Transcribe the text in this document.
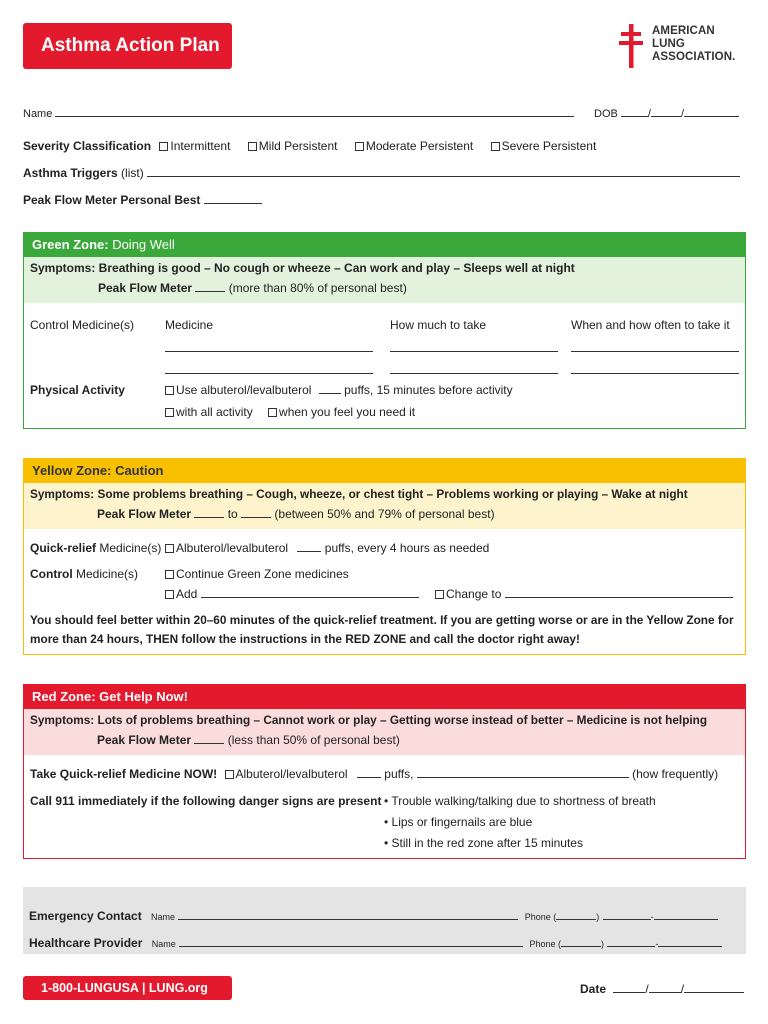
Asthma Action Plan
AMERICAN
LUNG
ASSOCIATION.
Name	DOB	/	/
Severity Classification Intermittent Mild Persistent Moderate Persistent Severe Persistent
Asthma Triggers (list)
Peak Flow Meter Personal Best
Green Zone: Doing Well
Symptoms: Breathing is good – No cough or wheeze – Can work and play – Sleeps well at night
Peak Flow Meter	(more than 80% of personal best)
Control Medicine(s)	Medicine	How much to take	When and how often to take it
Physical Activity	Use albuterol/levalbuterol	puffs, 15 minutes before activity
with all activity when you feel you need it
Yellow Zone: Caution
Symptoms: Some problems breathing – Cough, wheeze, or chest tight – Problems working or playing – Wake at night
Peak Flow Meter	to	(between 50% and 79% of personal best)
Quick-relief Medicine(s)	Albuterol/levalbuterol	puffs, every 4 hours as needed
Control Medicine(s)	Continue Green Zone medicines
Add	Change to
You should feel better within 20–60 minutes of the quick-relief treatment. If you are getting worse or are in the Yellow Zone for
more than 24 hours, THEN follow the instructions in the RED ZONE and call the doctor right away!
Red Zone: Get Help Now!
Symptoms: Lots of problems breathing – Cannot work or play – Getting worse instead of better – Medicine is not helping
Peak Flow Meter	(less than 50% of personal best)
Take Quick-relief Medicine NOW! Albuterol/levalbuterol	puffs,	(how frequently)
Call 911 immediately if the following danger signs are present • Trouble walking/talking due to shortness of breath
• Lips or fingernails are blue
• Still in the red zone after 15 minutes
Emergency Contact Name	Phone (	)	-
Healthcare Provider Name	Phone (	)	-
1-800-LUNGUSA | LUNG.org	Date	/	/
